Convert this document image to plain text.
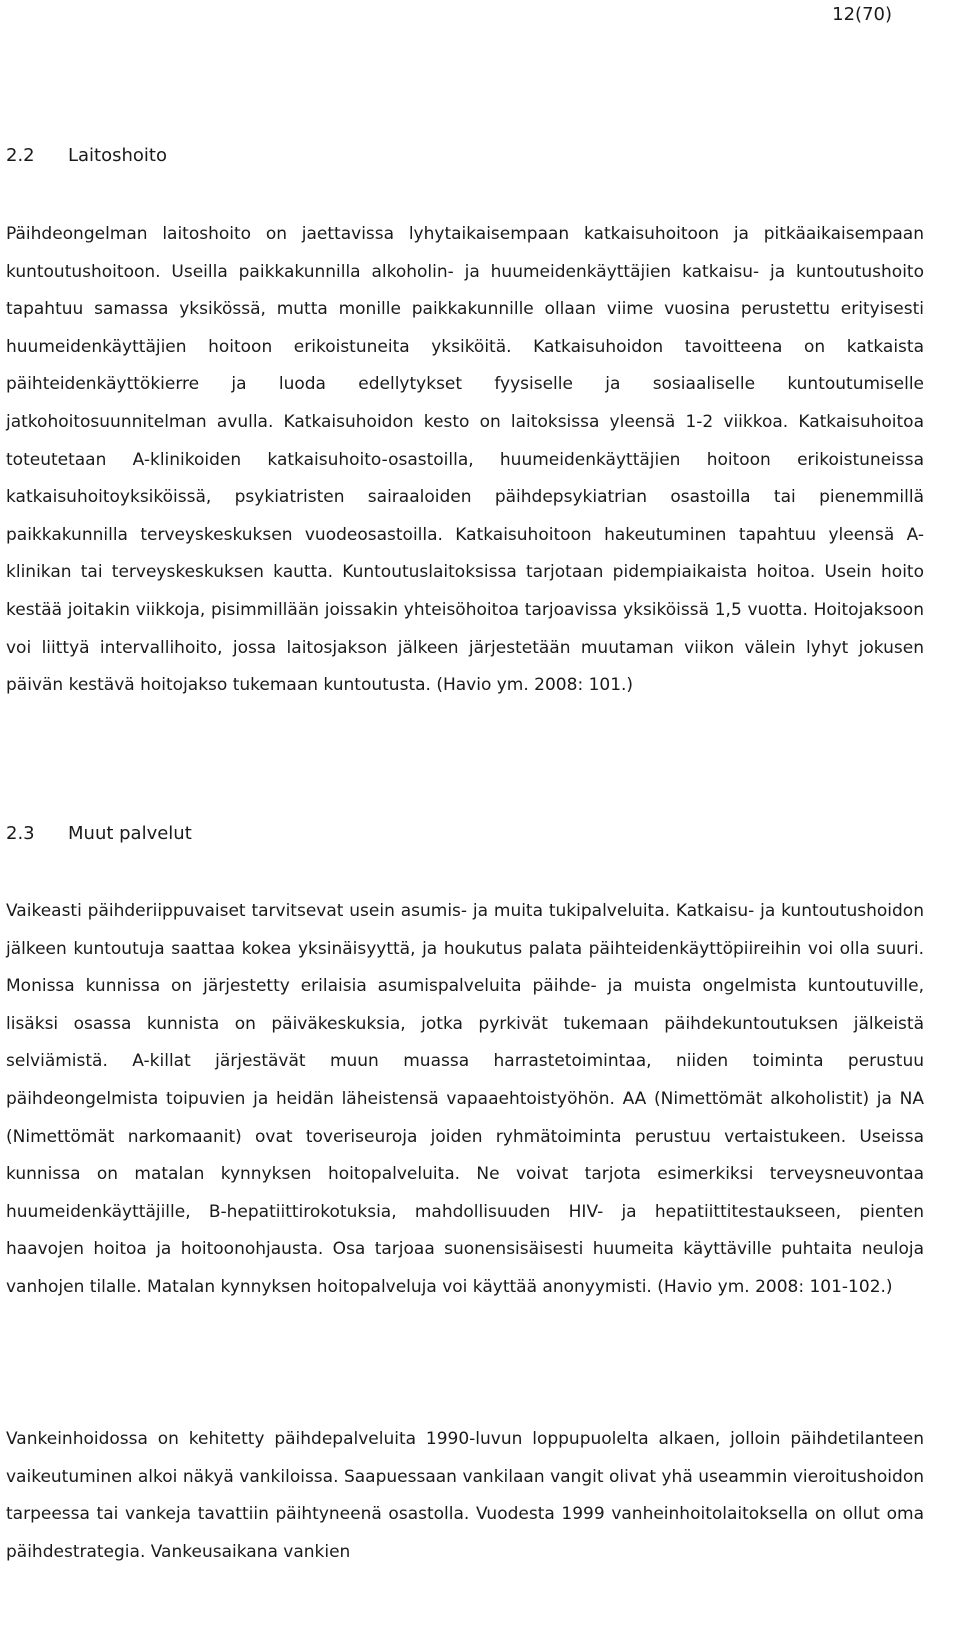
12(70)
2.2 Laitoshoito

Päihdeongelman laitoshoito on jaettavissa lyhytaikaisempaan katkaisuhoitoon ja pitkäaikaisempaan kuntoutushoitoon. Useilla paikkakunnilla alkoholin- ja huumeidenkäyttäjien katkaisu- ja kuntoutushoito tapahtuu samassa yksikössä, mutta monille paikkakunnille ollaan viime vuosina perustettu erityisesti huumeidenkäyttäjien hoitoon erikoistuneita yksiköitä. Katkaisuhoidon tavoitteena on katkaista päihteidenkäyttökierre ja luoda edellytykset fyysiselle ja sosiaaliselle kuntoutumiselle jatkohoitosuunnitelman avulla. Katkaisuhoidon kesto on laitoksissa yleensä 1-2 viikkoa. Katkaisuhoitoa toteutetaan A-klinikoiden katkaisuhoito-osastoilla, huumeidenkäyttäjien hoitoon erikoistuneissa katkaisuhoitoyksiköissä, psykiatristen sairaaloiden päihdepsykiatrian osastoilla tai pienemmillä paikkakunnilla terveyskeskuksen vuodeosastoilla. Katkaisuhoitoon hakeutuminen tapahtuu yleensä A-klinikan tai terveyskeskuksen kautta. Kuntoutuslaitoksissa tarjotaan pidempiaikaista hoitoa. Usein hoito kestää joitakin viikkoja, pisimmillään joissakin yhteisöhoitoa tarjoavissa yksiköissä 1,5 vuotta. Hoitojaksoon voi liittyä intervallihoito, jossa laitosjakson jälkeen järjestetään muutaman viikon välein lyhyt jokusen päivän kestävä hoitojakso tukemaan kuntoutusta. (Havio ym. 2008: 101.)

2.3 Muut palvelut

Vaikeasti päihderiippuvaiset tarvitsevat usein asumis- ja muita tukipalveluita. Katkaisu- ja kuntoutushoidon jälkeen kuntoutuja saattaa kokea yksinäisyyttä, ja houkutus palata päihteidenkäyttöpiireihin voi olla suuri. Monissa kunnissa on järjestetty erilaisia asumispalveluita päihde- ja muista ongelmista kuntoutuville, lisäksi osassa kunnista on päiväkeskuksia, jotka pyrkivät tukemaan päihdekuntoutuksen jälkeistä selviämistä. A-killat järjestävät muun muassa harrastetoimintaa, niiden toiminta perustuu päihdeongelmista toipuvien ja heidän läheistensä vapaaehtoistyöhön. AA (Nimettömät alkoholistit) ja NA (Nimettömät narkomaanit) ovat toveriseuroja joiden ryhmätoiminta perustuu vertaistukeen. Useissa kunnissa on matalan kynnyksen hoitopalveluita. Ne voivat tarjota esimerkiksi terveysneuvontaa huumeidenkäyttäjille, B-hepatiittirokotuksia, mahdollisuuden HIV- ja hepatiittitestaukseen, pienten haavojen hoitoa ja hoitoonohjausta. Osa tarjoaa suonensisäisesti huumeita käyttäville puhtaita neuloja vanhojen tilalle. Matalan kynnyksen hoitopalveluja voi käyttää anonyymisti. (Havio ym. 2008: 101-102.)

Vankeinhoidossa on kehitetty päihdepalveluita 1990-luvun loppupuolelta alkaen, jolloin päihdetilanteen vaikeutuminen alkoi näkyä vankiloissa. Saapuessaan vankilaan vangit olivat yhä useammin vieroitushoidon tarpeessa tai vankeja tavattiin päihtyneenä osastolla. Vuodesta 1999 vanheinhoitolaitoksella on ollut oma päihdestrategia. Vankeusaikana vankien
